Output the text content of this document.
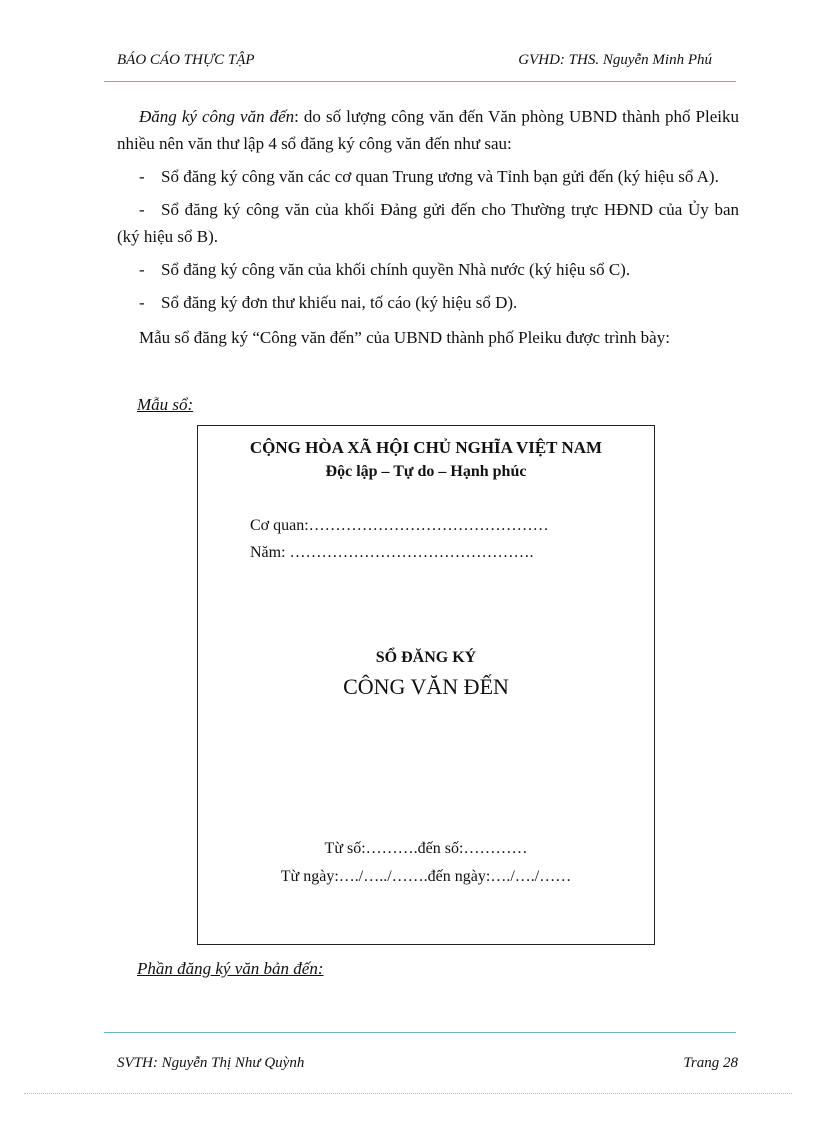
BÁO CÁO THỰC TẬP	GVHD: THS. Nguyễn Minh Phú

Đăng ký công văn đến: do số lượng công văn đến Văn phòng UBND thành phố Pleiku nhiều nên văn thư lập 4 sổ đăng ký công văn đến như sau:

- Sổ đăng ký công văn các cơ quan Trung ương và Tỉnh bạn gửi đến (ký hiệu sổ A).

- Sổ đăng ký công văn của khối Đảng gửi đến cho Thường trực HĐND của Ủy ban (ký hiệu sổ B).

- Sổ đăng ký công văn của khối chính quyền Nhà nước (ký hiệu sổ C).

- Sổ đăng ký đơn thư khiếu nai, tố cáo (ký hiệu sổ D).

Mẫu sổ đăng ký “Công văn đến” của UBND thành phố Pleiku được trình bày:

Mẫu sổ:
CỘNG HÒA XÃ HỘI CHỦ NGHĨA VIỆT NAM
Độc lập – Tự do – Hạnh phúc
Cơ quan:………………………………………
Năm: ……………………………………….
SỔ ĐĂNG KÝ
CÔNG VĂN ĐẾN
Từ số:……….đến số:…………
Từ ngày:…./…../…….đến ngày:…./…./……
Phần đăng ký văn bản đến:
SVTH: Nguyễn Thị Như Quỳnh	Trang 28
